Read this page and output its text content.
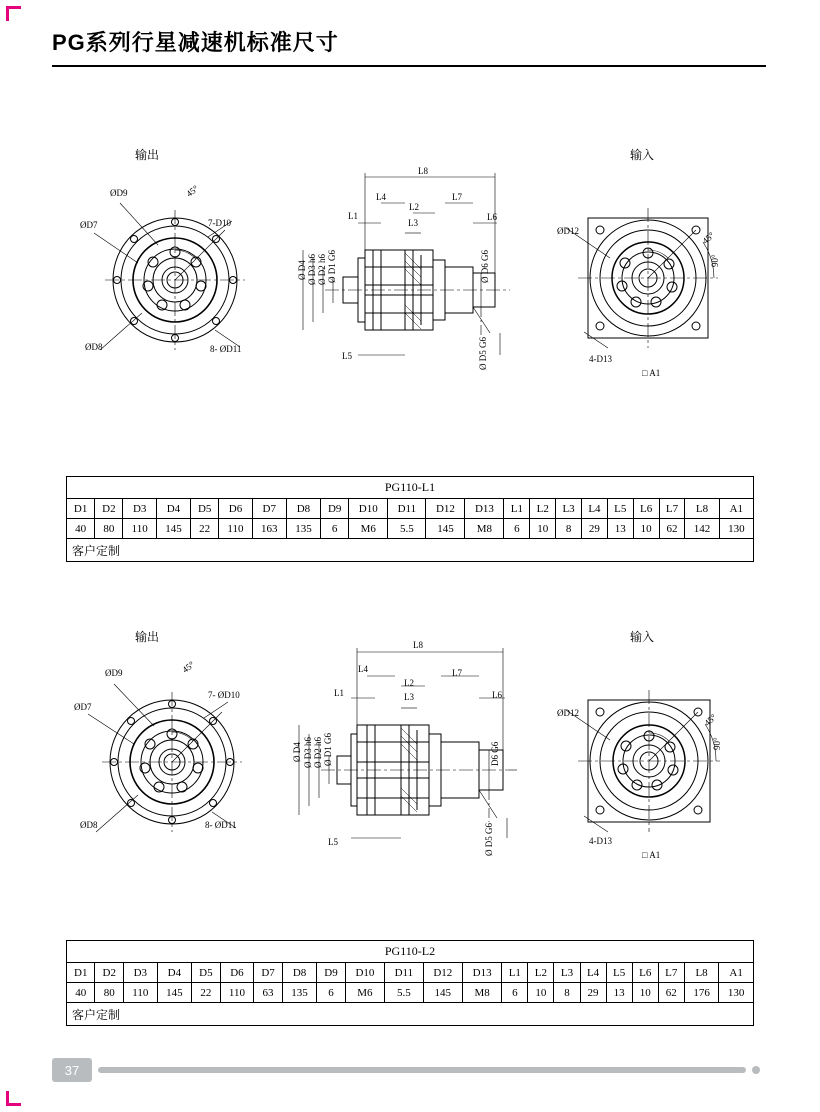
PG系列行星减速机标准尺寸
输出	输入
ØD9
ØD7
ØD8
45°
7-D10
8- ØD11
L8
L4
L2
L7
L1
L3
L6
Ø D4 Ø D3 h6 Ø D2 h6 Ø D1 G6	Ø D6 G6
L5	Ø D5 G6
ØD12	45°
90°
4-D13
□ A1
PG110-L1																					
D1	D2	D3	D4	D5	D6	D7	D8	D9	D10	D11	D12	D13	L1	L2	L3	L4	L5	L6	L7	L8	A1
40	80	110	145	22	110	163	135	6	M6	5.5	145	M8	6	10	8	29	13	10	62	142	130
客户定制																					
输出	输入
ØD9
ØD7
ØD8
45°
7- ØD10
8- ØD11
L8
L4
L2
L7
L1	L3	L6
Ø D4 Ø D3 h6 Ø D2 h6 Ø D1 G6	D6 G6
L5	Ø D5 G6
ØD12	45°
90°
4-D13
□ A1
PG110-L2																					
D1	D2	D3	D4	D5	D6	D7	D8	D9	D10	D11	D12	D13	L1	L2	L3	L4	L5	L6	L7	L8	A1
40	80	110	145	22	110	63	135	6	M6	5.5	145	M8	6	10	8	29	13	10	62	176	130
客户定制																					
37
